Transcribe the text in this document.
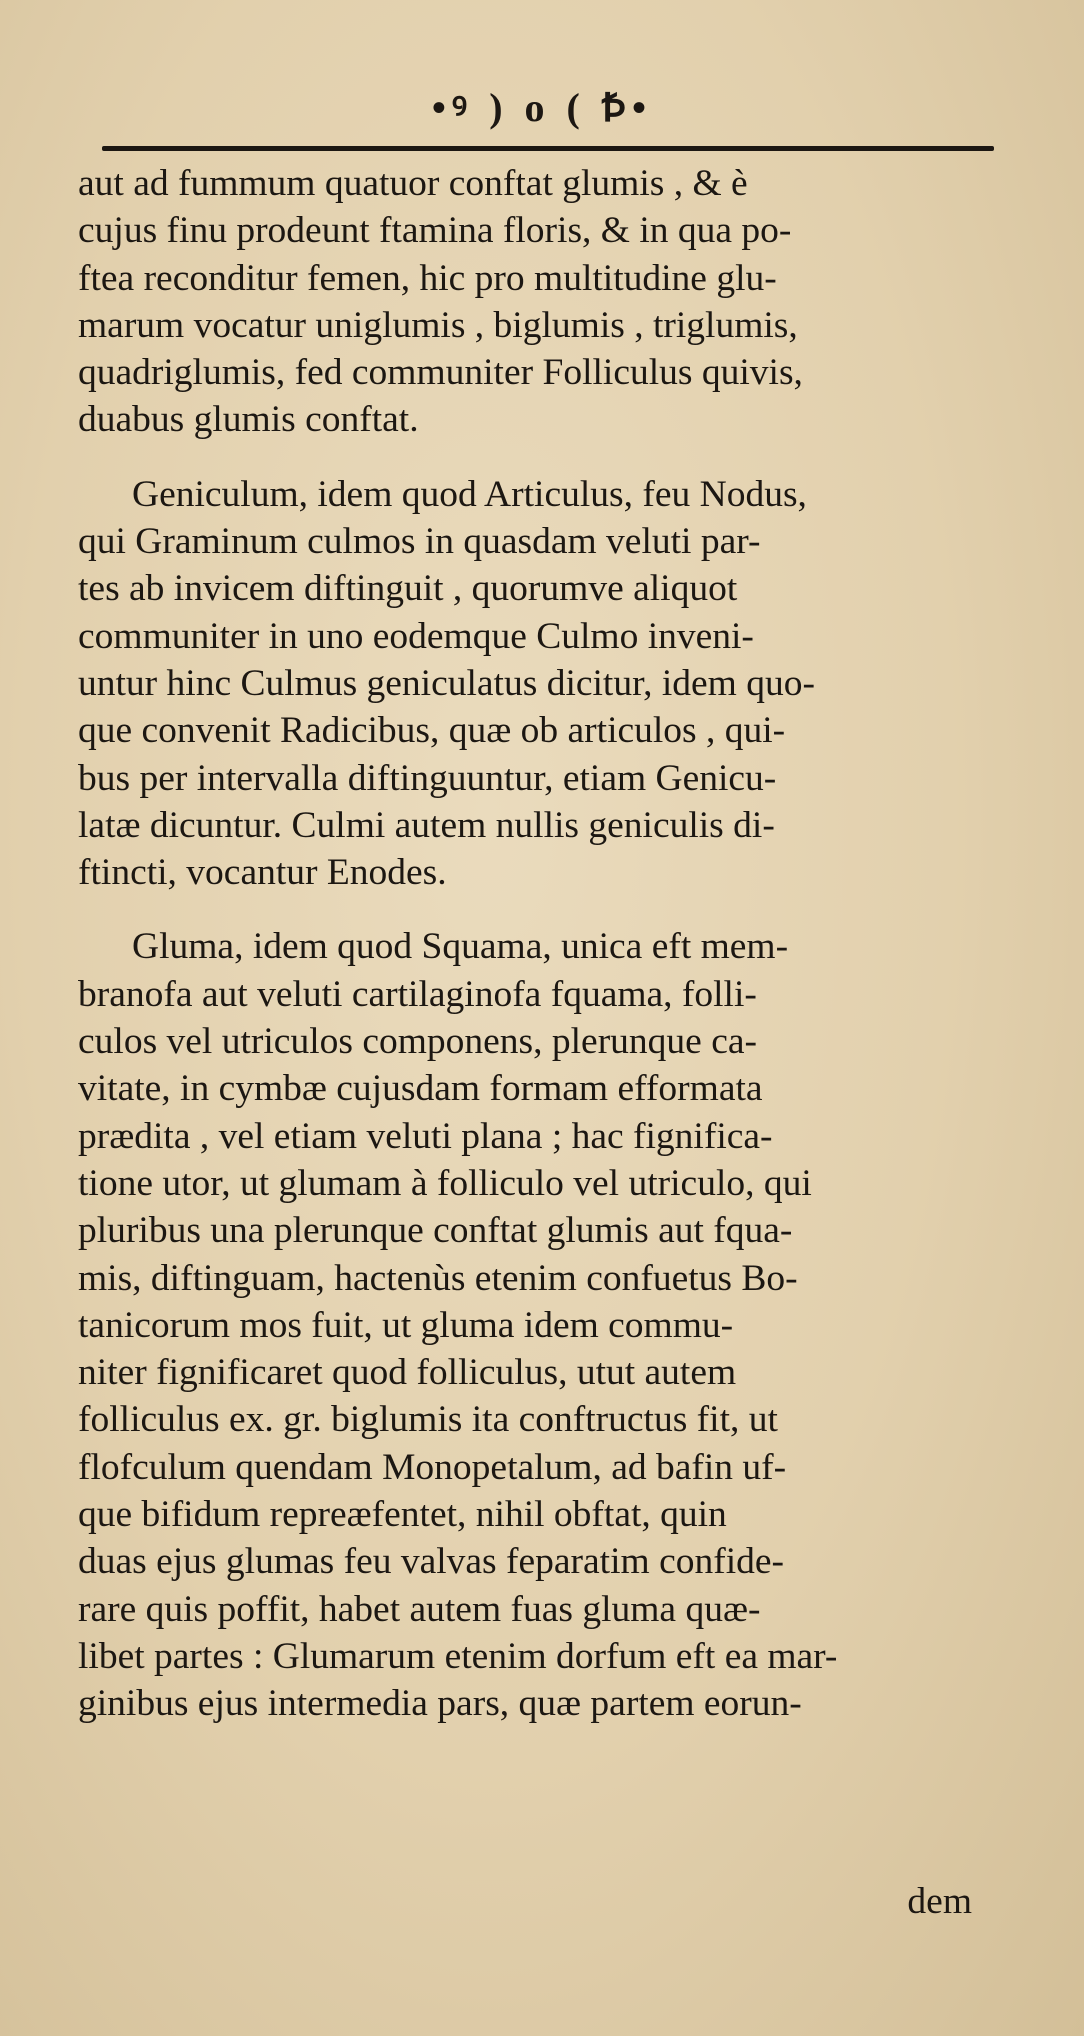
•ꝰ ) o ( Ꝥ•
aut ad fummum quatuor conftat glumis , & è
cujus finu prodeunt ftamina floris, & in qua po-
ftea reconditur femen, hic pro multitudine glu-
marum vocatur uniglumis , biglumis , triglumis,
quadriglumis, fed communiter Folliculus quivis,
duabus glumis conftat.
Geniculum, idem quod Articulus, feu Nodus,
qui Graminum culmos in quasdam veluti par-
tes ab invicem diftinguit , quorumve aliquot
communiter in uno eodemque Culmo inveni-
untur hinc Culmus geniculatus dicitur, idem quo-
que convenit Radicibus, quæ ob articulos , qui-
bus per intervalla diftinguuntur, etiam Genicu-
latæ dicuntur. Culmi autem nullis geniculis di-
ftincti, vocantur Enodes.
Gluma, idem quod Squama, unica eft mem-
branofa aut veluti cartilaginofa fquama, folli-
culos vel utriculos componens, plerunque ca-
vitate, in cymbæ cujusdam formam efformata
prædita , vel etiam veluti plana ; hac fignifica-
tione utor, ut glumam à folliculo vel utriculo, qui
pluribus una plerunque conftat glumis aut fqua-
mis, diftinguam, hactenùs etenim confuetus Bo-
tanicorum mos fuit, ut gluma idem commu-
niter fignificaret quod folliculus, utut autem
folliculus ex. gr. biglumis ita conftructus fit, ut
flofculum quendam Monopetalum, ad bafin uf-
que bifidum repreæfentet, nihil obftat, quin
duas ejus glumas feu valvas feparatim confide-
rare quis poffit, habet autem fuas gluma quæ-
libet partes : Glumarum etenim dorfum eft ea mar-
ginibus ejus intermedia pars, quæ partem eorun-
dem
